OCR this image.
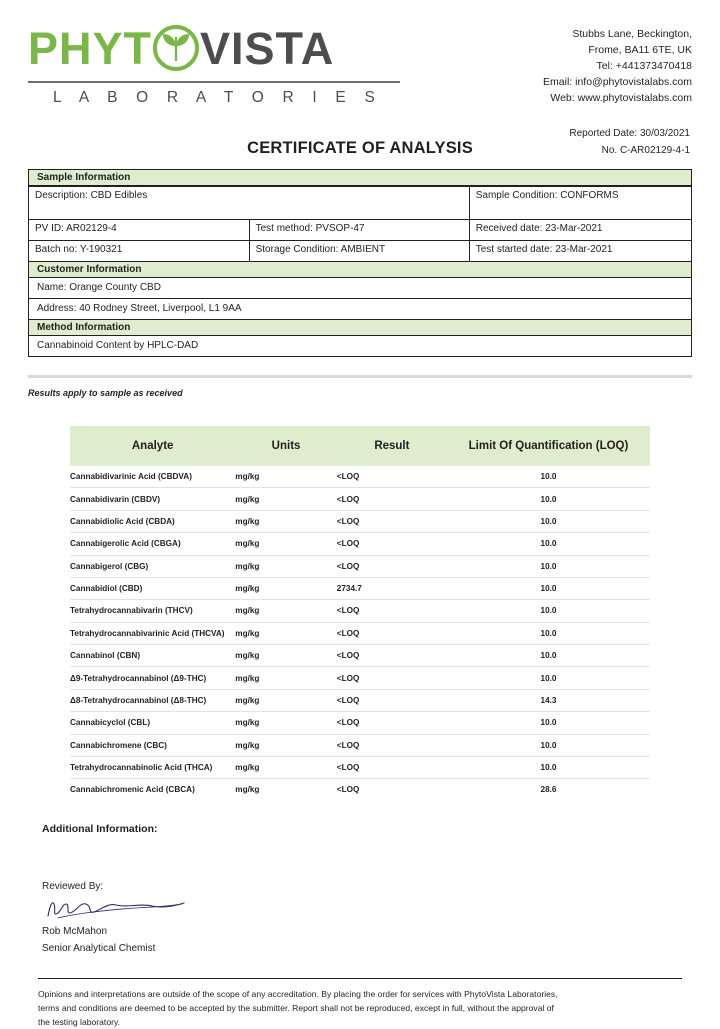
PHYT VISTA
L A B O R A T O R I E S
Stubbs Lane, Beckington,
Frome, BA11 6TE, UK
Tel: +441373470418
Email: info@phytovistalabs.com
Web: www.phytovistalabs.com
Reported Date: 30/03/2021
No. C-AR02129-4-1
CERTIFICATE OF ANALYSIS
Sample Information
Description: CBD Edibles		Sample Condition: CONFORMS
PV ID: AR02129-4	Test method: PVSOP-47	Received date: 23-Mar-2021
Batch no: Y-190321	Storage Condition: AMBIENT	Test started date: 23-Mar-2021
Customer Information
Name: Orange County CBD
Address: 40 Rodney Street, Liverpool, L1 9AA
Method Information
Cannabinoid Content by HPLC-DAD
Results apply to sample as received
Analyte	Units	Result	Limit Of Quantification (LOQ)
Cannabidivarinic Acid (CBDVA)	mg/kg	<LOQ	10.0
Cannabidivarin (CBDV)	mg/kg	<LOQ	10.0
Cannabidiolic Acid (CBDA)	mg/kg	<LOQ	10.0
Cannabigerolic Acid (CBGA)	mg/kg	<LOQ	10.0
Cannabigerol (CBG)	mg/kg	<LOQ	10.0
Cannabidiol (CBD)	mg/kg	2734.7	10.0
Tetrahydrocannabivarin (THCV)	mg/kg	<LOQ	10.0
Tetrahydrocannabivarinic Acid (THCVA)	mg/kg	<LOQ	10.0
Cannabinol (CBN)	mg/kg	<LOQ	10.0
Δ9-Tetrahydrocannabinol (Δ9-THC)	mg/kg	<LOQ	10.0
Δ8-Tetrahydrocannabinol (Δ8-THC)	mg/kg	<LOQ	14.3
Cannabicyclol (CBL)	mg/kg	<LOQ	10.0
Cannabichromene (CBC)	mg/kg	<LOQ	10.0
Tetrahydrocannabinolic Acid (THCA)	mg/kg	<LOQ	10.0
Cannabichromenic Acid (CBCA)	mg/kg	<LOQ	28.6
Additional Information:
Reviewed By:
Rob McMahon
Senior Analytical Chemist
Opinions and interpretations are outside of the scope of any accreditation. By placing the order for services with PhytoVista Laboratories,
terms and conditions are deemed to be accepted by the submitter. Report shall not be reproduced, except in full, without the approval of
the testing laboratory.
